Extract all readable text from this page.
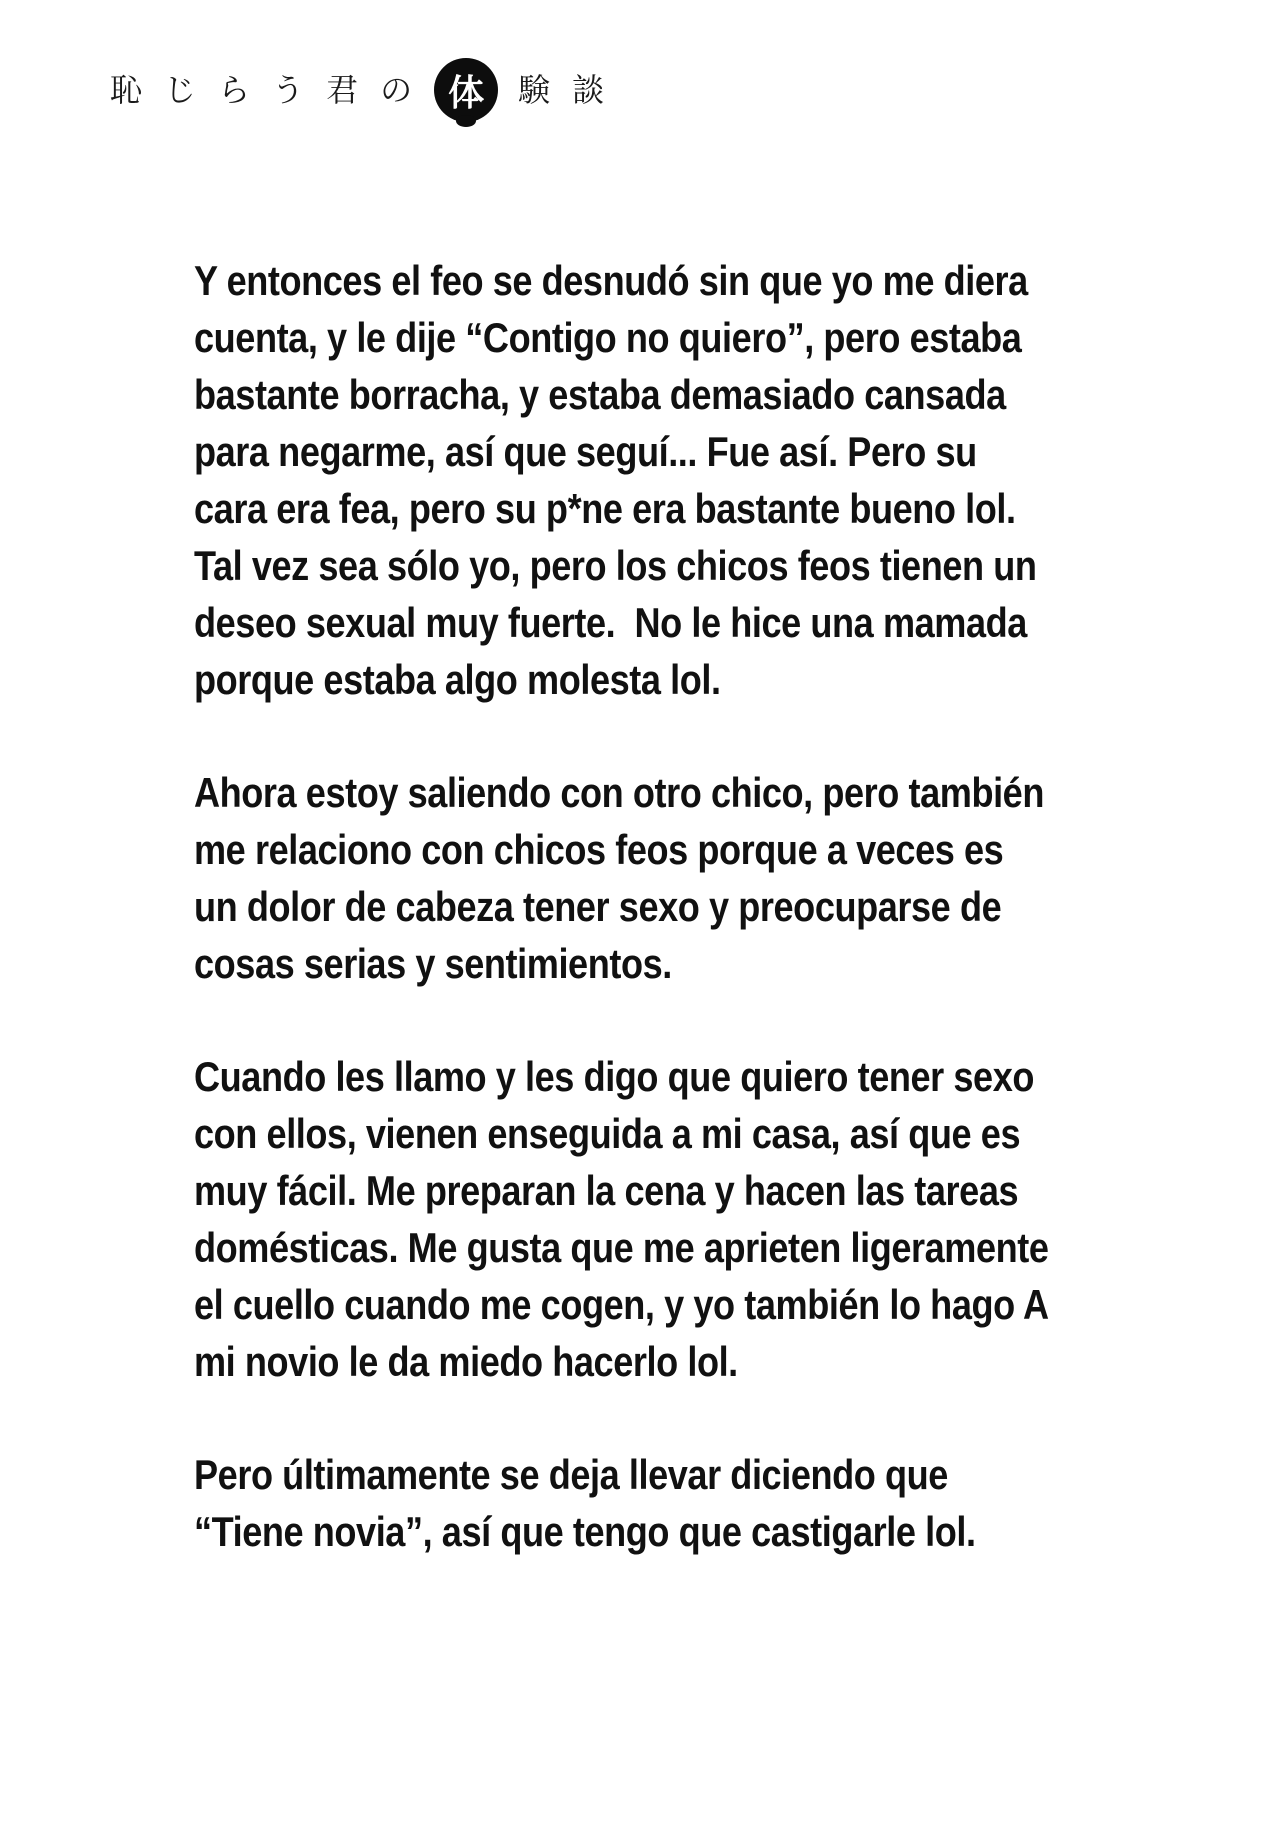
恥 じ ら う 君 の 体	験 談
Y entonces el feo se desnudó sin que yo me diera
cuenta, y le dije “Contigo no quiero”, pero estaba
bastante borracha, y estaba demasiado cansada
para negarme, así que seguí... Fue así. Pero su
cara era fea, pero su p*ne era bastante bueno lol.
Tal vez sea sólo yo, pero los chicos feos tienen un
deseo sexual muy fuerte.  No le hice una mamada
porque estaba algo molesta lol.
Ahora estoy saliendo con otro chico, pero también
me relaciono con chicos feos porque a veces es
un dolor de cabeza tener sexo y preocuparse de
cosas serias y sentimientos.
Cuando les llamo y les digo que quiero tener sexo
con ellos, vienen enseguida a mi casa, así que es
muy fácil. Me preparan la cena y hacen las tareas
domésticas. Me gusta que me aprieten ligeramente
el cuello cuando me cogen, y yo también lo hago A
mi novio le da miedo hacerlo lol.
Pero últimamente se deja llevar diciendo que
“Tiene novia”, así que tengo que castigarle lol.
